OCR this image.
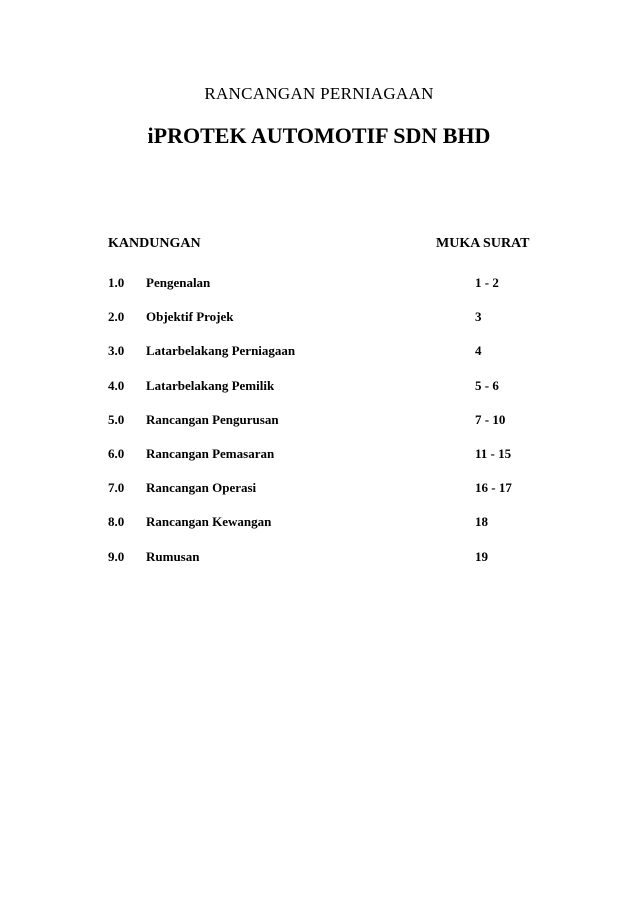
RANCANGAN PERNIAGAAN
iPROTEK AUTOMOTIF SDN BHD
KANDUNGAN	MUKA SURAT
1.0 Pengenalan	1 - 2
2.0 Objektif Projek	3
3.0 Latarbelakang Perniagaan	4
4.0 Latarbelakang Pemilik	5 - 6
5.0 Rancangan Pengurusan	7 - 10
6.0 Rancangan Pemasaran	11 - 15
7.0 Rancangan Operasi	16 - 17
8.0 Rancangan Kewangan	18
9.0 Rumusan	19
